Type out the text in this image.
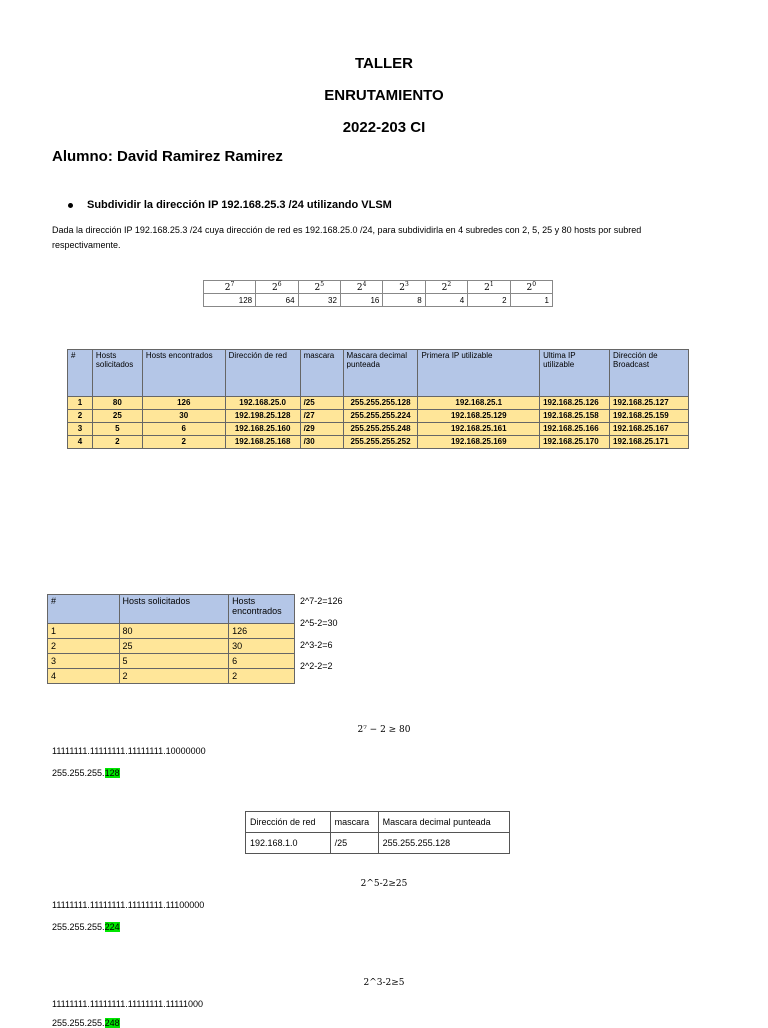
TALLER
ENRUTAMIENTO
2022-203 CI
Alumno: David Ramirez Ramirez
Subdividir la dirección IP 192.168.25.3 /24 utilizando VLSM
Dada la dirección IP 192.168.25.3 /24 cuya dirección de red es 192.168.25.0 /24, para subdividirla en 4 subredes con 2, 5, 25 y 80 hosts por subred respectivamente.
$2^7$	$2^6$	$2^5$	$2^4$	$2^3$	$2^2$	$2^1$	$2^0$
128	64	32	16	8	4	2	1
#	Hosts solicitados	Hosts encontrados	Dirección de red	mascara	Mascara decimal punteada	Primera IP utilizable	Ultima IP utilizable	Dirección de Broadcast
1	80	126	192.168.25.0	/25	255.255.255.128	192.168.25.1	192.168.25.126	192.168.25.127
2	25	30	192.198.25.128	/27	255.255.255.224	192.168.25.129	192.168.25.158	192.168.25.159
3	5	6	192.168.25.160	/29	255.255.255.248	192.168.25.161	192.168.25.166	192.168.25.167
4	2	2	192.168.25.168	/30	255.255.255.252	192.168.25.169	192.168.25.170	192.168.25.171
#	Hosts solicitados	Hosts encontrados
1	80	126
2	25	30
3	5	6
4	2	2
2^7-2=126
2^5-2=30
2^3-2=6
2^2-2=2
2⁷ − 2 ≥ 80
11111111.11111111.11111111.10000000
255.255.255.128
Dirección de red	mascara	Mascara decimal punteada
192.168.1.0	/25	255.255.255.128
2^5-2≥25
11111111.11111111.11111111.11100000
255.255.255.224
2^3-2≥5
11111111.11111111.11111111.11111000
255.255.255.248
